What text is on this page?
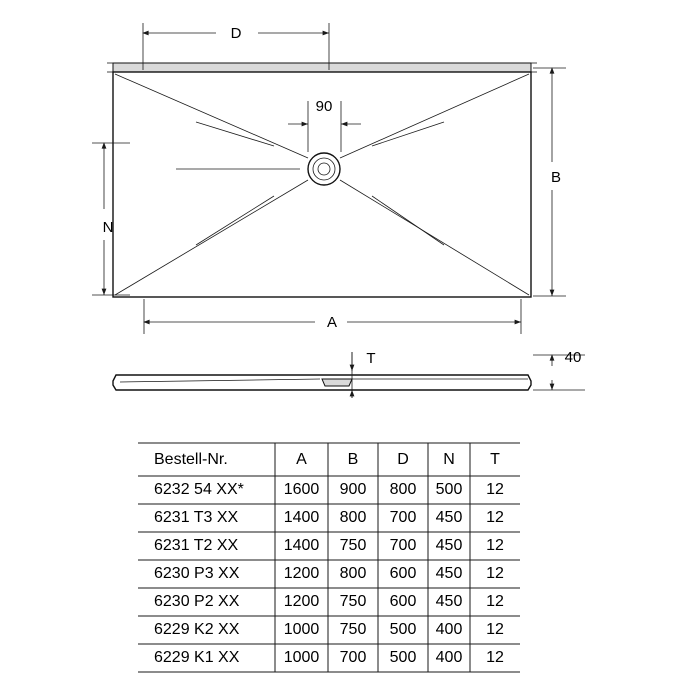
D
90
B
N
A
T	40
Bestell-Nr.	A	B	D	N	T
6232 54 XX*	1600	900	800	500	12
6231 T3 XX	1400	800	700	450	12
6231 T2 XX	1400	750	700	450	12
6230 P3 XX	1200	800	600	450	12
6230 P2 XX	1200	750	600	450	12
6229 K2 XX	1000	750	500	400	12
6229 K1 XX	1000	700	500	400	12
